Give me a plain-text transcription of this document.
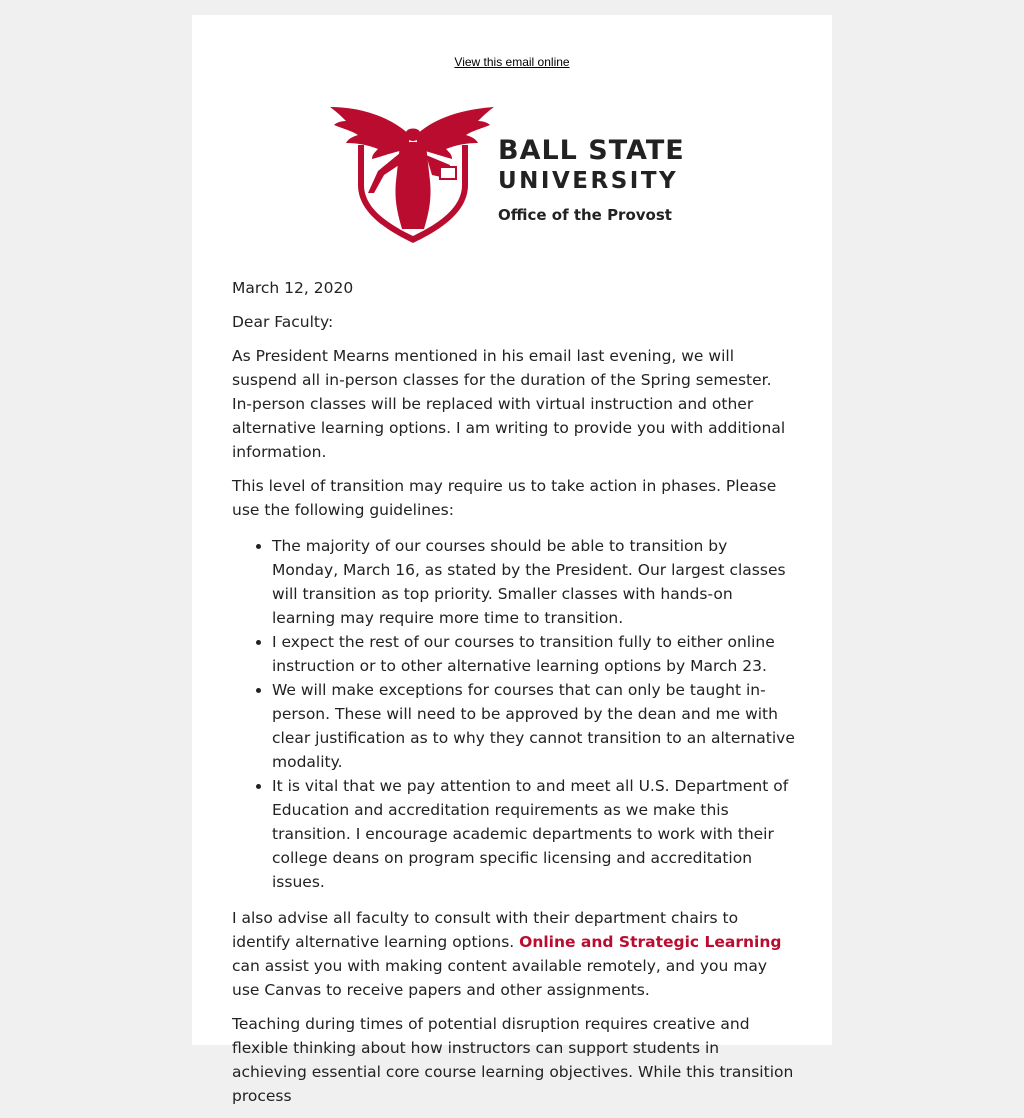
View this email online
BALL STATE
UNIVERSITY
Office of the Provost

March 12, 2020

Dear Faculty:

As President Mearns mentioned in his email last evening, we will suspend all in-person classes for the duration of the Spring semester. In-person classes will be replaced with virtual instruction and other alternative learning options. I am writing to provide you with additional information.

This level of transition may require us to take action in phases. Please use the following guidelines:

• The majority of our courses should be able to transition by Monday, March 16, as stated by the President. Our largest classes will transition as top priority. Smaller classes with hands-on learning may require more time to transition.
• I expect the rest of our courses to transition fully to either online instruction or to other alternative learning options by March 23.
• We will make exceptions for courses that can only be taught in-person. These will need to be approved by the dean and me with clear justification as to why they cannot transition to an alternative modality.
• It is vital that we pay attention to and meet all U.S. Department of Education and accreditation requirements as we make this transition. I encourage academic departments to work with their college deans on program specific licensing and accreditation issues.

I also advise all faculty to consult with their department chairs to identify alternative learning options. Online and Strategic Learning can assist you with making content available remotely, and you may use Canvas to receive papers and other assignments.

Teaching during times of potential disruption requires creative and flexible thinking about how instructors can support students in achieving essential core course learning objectives. While this transition process
